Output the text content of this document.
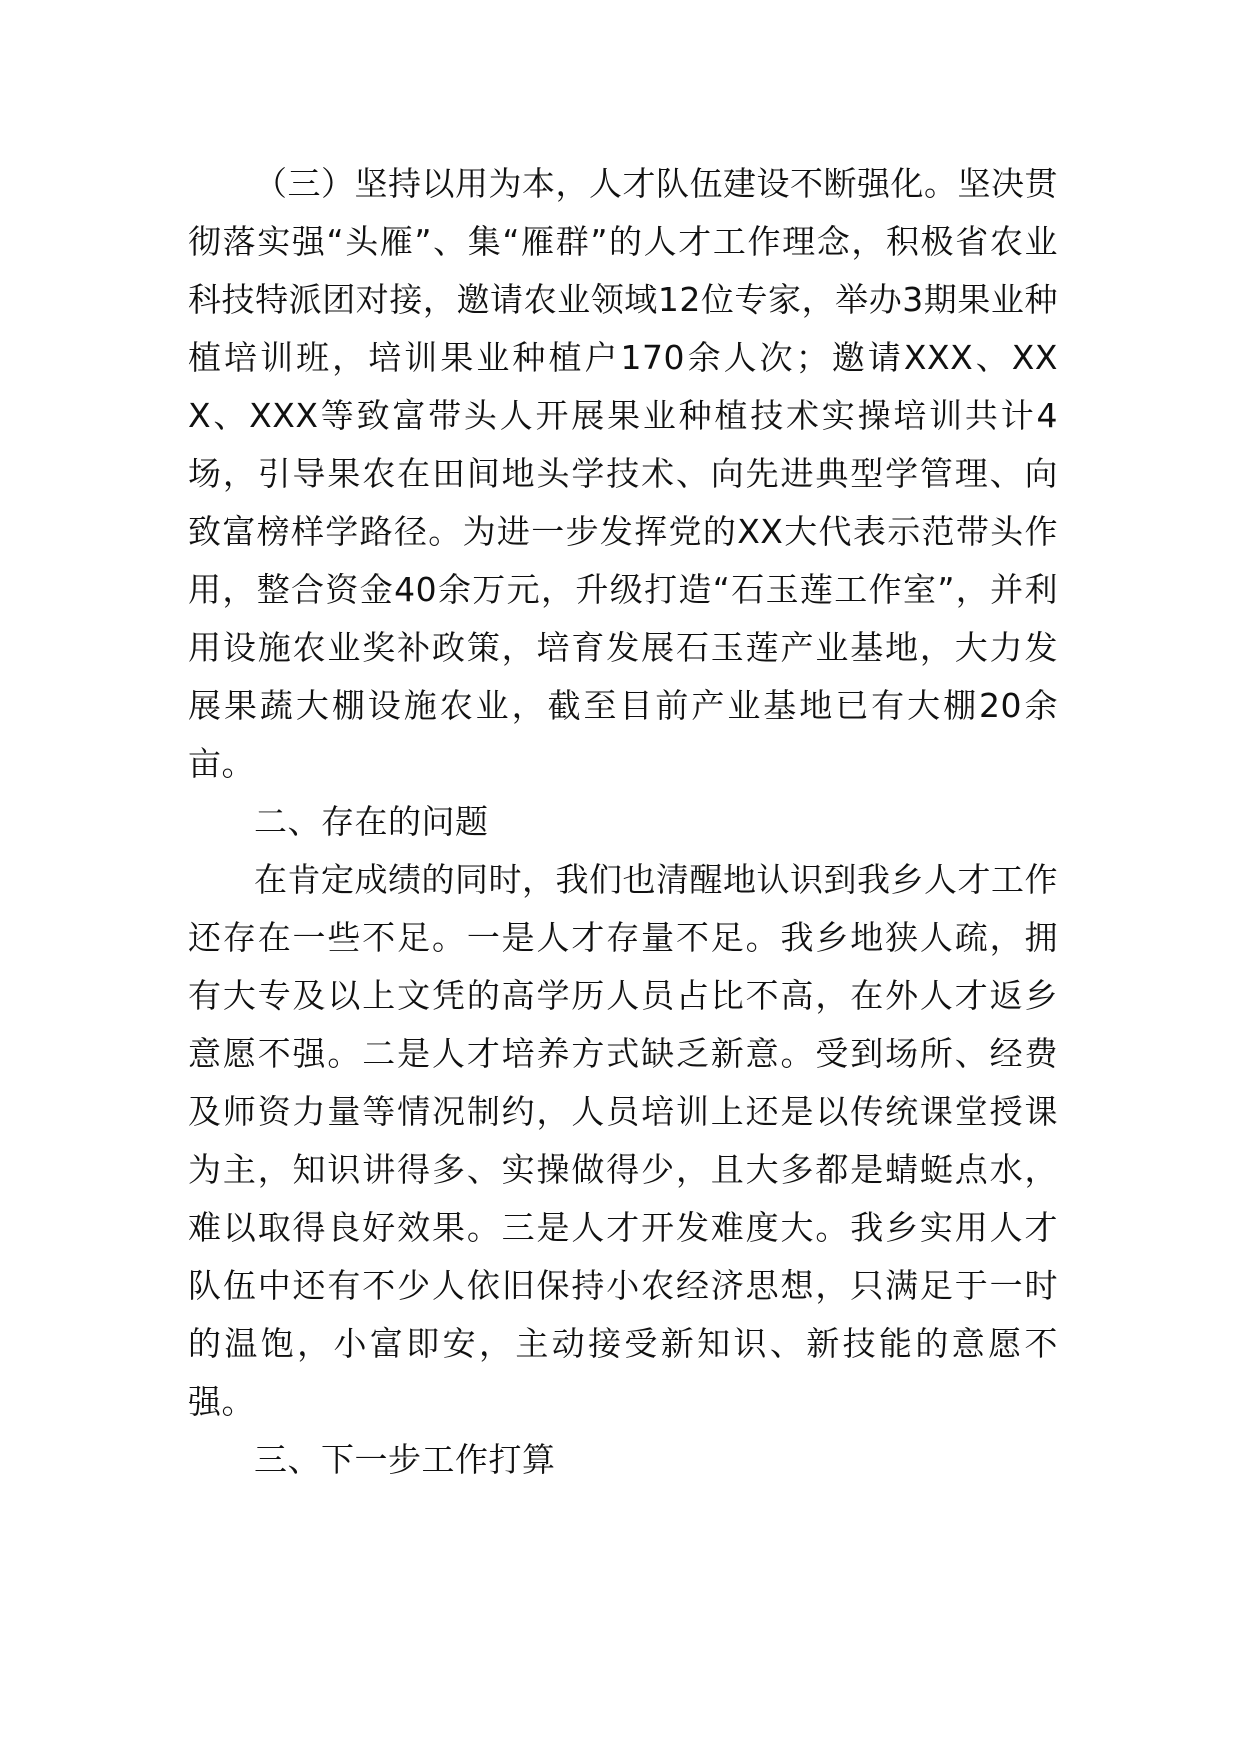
（三）坚持以用为本，人才队伍建设不断强化。坚决贯彻落实强“头雁”、集“雁群”的人才工作理念，积极省农业科技特派团对接，邀请农业领域12位专家，举办3期果业种植培训班，培训果业种植户170余人次；邀请XXX、XXX、XXX等致富带头人开展果业种植技术实操培训共计4场，引导果农在田间地头学技术、向先进典型学管理、向致富榜样学路径。为进一步发挥党的XX大代表示范带头作用，整合资金40余万元，升级打造“石玉莲工作室”，并利用设施农业奖补政策，培育发展石玉莲产业基地，大力发展果蔬大棚设施农业，截至目前产业基地已有大棚20余亩。

二、存在的问题

在肯定成绩的同时，我们也清醒地认识到我乡人才工作还存在一些不足。一是人才存量不足。我乡地狭人疏，拥有大专及以上文凭的高学历人员占比不高，在外人才返乡意愿不强。二是人才培养方式缺乏新意。受到场所、经费及师资力量等情况制约，人员培训上还是以传统课堂授课为主，知识讲得多、实操做得少，且大多都是蜻蜓点水，难以取得良好效果。三是人才开发难度大。我乡实用人才队伍中还有不少人依旧保持小农经济思想，只满足于一时的温饱，小富即安，主动接受新知识、新技能的意愿不强。

三、下一步工作打算
